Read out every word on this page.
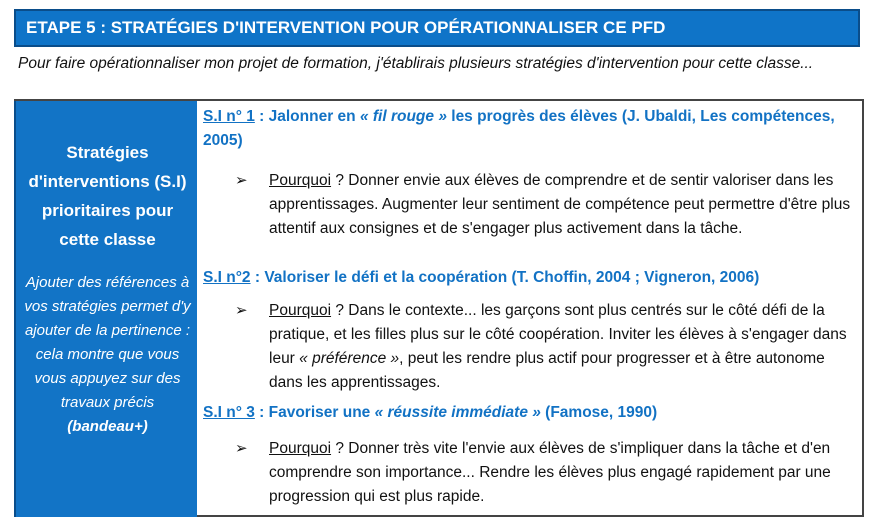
ETAPE 5 : STRATÉGIES D'INTERVENTION POUR OPÉRATIONNALISER CE PFD
Pour faire opérationnaliser mon projet de formation, j'établirais plusieurs stratégies d'intervention pour cette classe...
Stratégies d'interventions (S.I) prioritaires pour cette classe
Ajouter des références à vos stratégies permet d'y ajouter de la pertinence : cela montre que vous vous appuyez sur des travaux précis (bandeau+)
S.I n° 1 : Jalonner en « fil rouge » les progrès des élèves (J. Ubaldi, Les compétences, 2005)
➢ Pourquoi ? Donner envie aux élèves de comprendre et de sentir valoriser dans les apprentissages. Augmenter leur sentiment de compétence peut permettre d'être plus attentif aux consignes et de s'engager plus activement dans la tâche.
S.I n°2 : Valoriser le défi et la coopération (T. Choffin, 2004 ; Vigneron, 2006)
➢ Pourquoi ? Dans le contexte... les garçons sont plus centrés sur le côté défi de la pratique, et les filles plus sur le côté coopération. Inviter les élèves à s'engager dans leur « préférence », peut les rendre plus actif pour progresser et à être autonome dans les apprentissages.
S.I n° 3 : Favoriser une « réussite immédiate » (Famose, 1990)
➢ Pourquoi ? Donner très vite l'envie aux élèves de s'impliquer dans la tâche et d'en comprendre son importance... Rendre les élèves plus engagé rapidement par une progression qui est plus rapide.
